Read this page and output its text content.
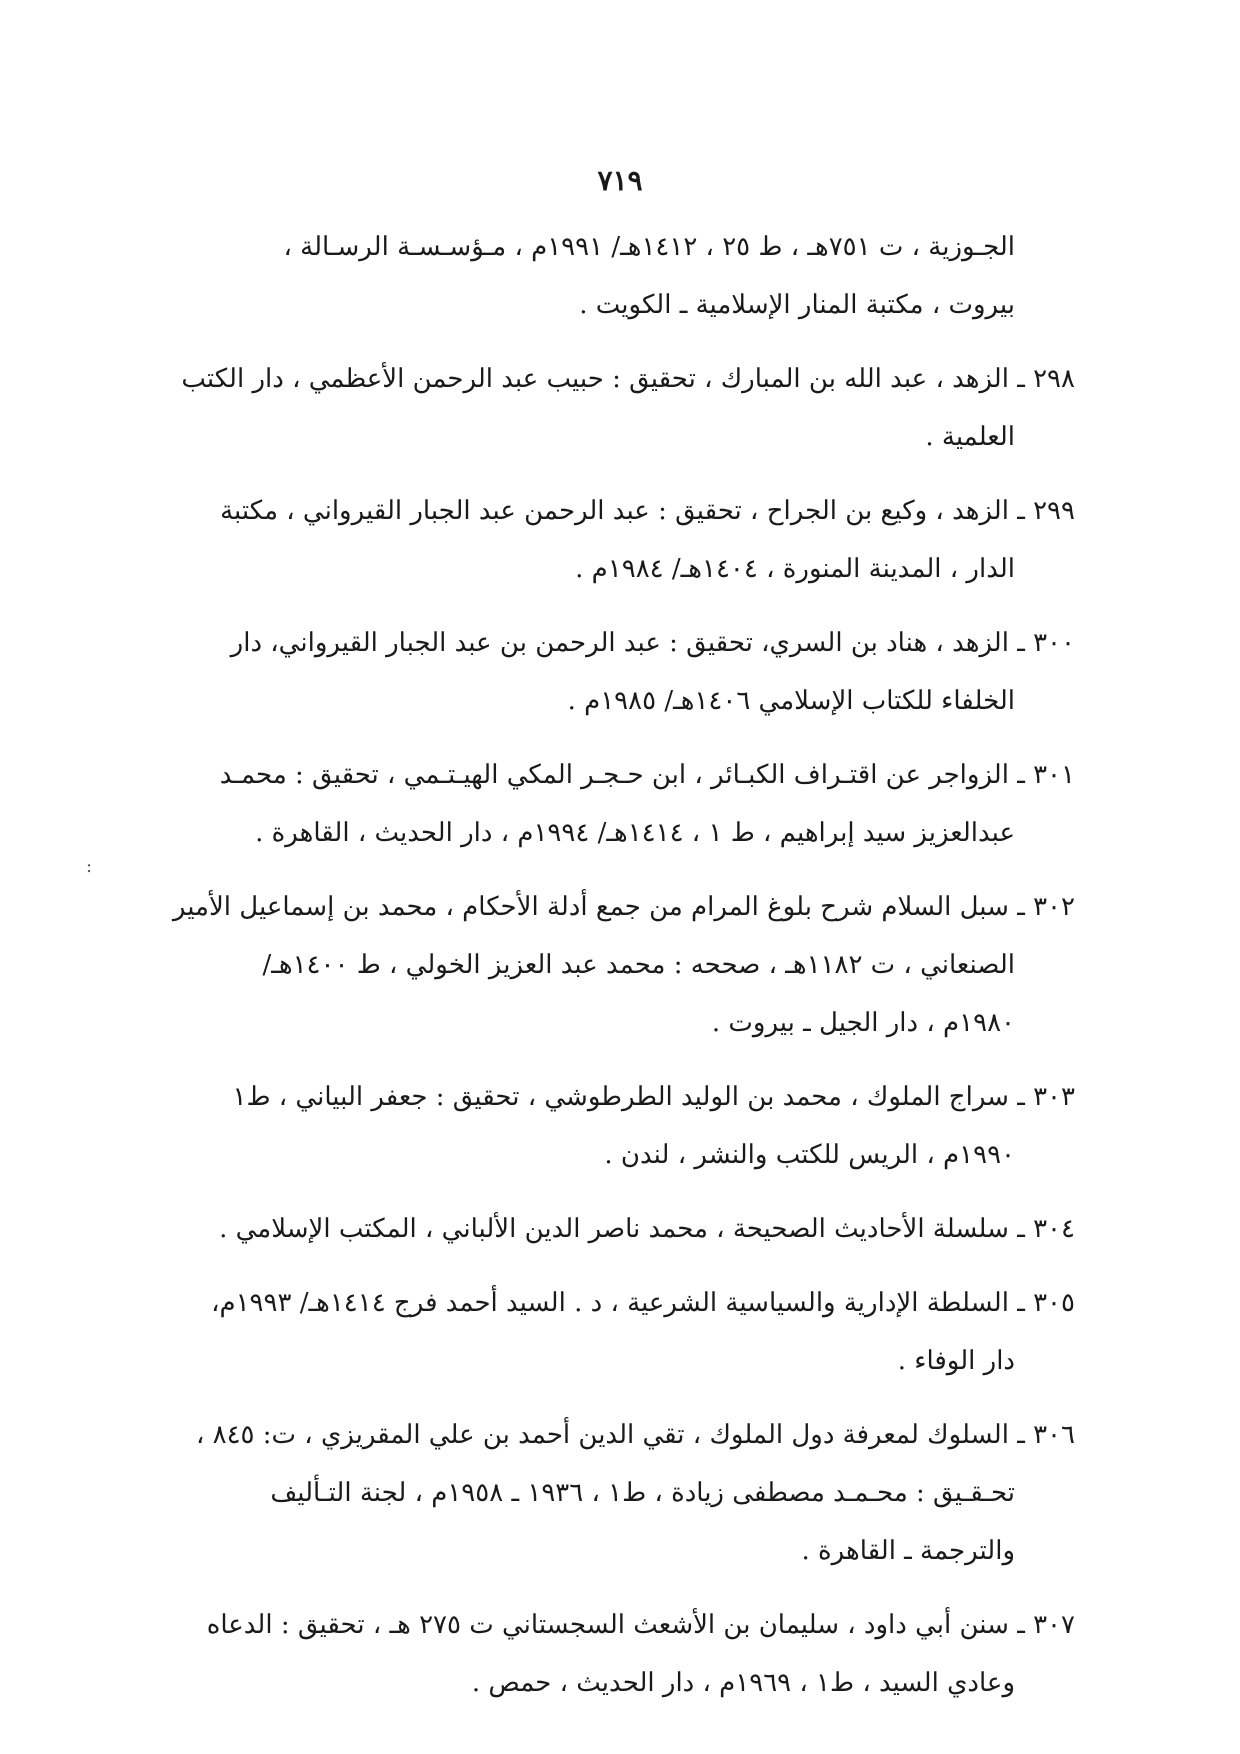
٧١٩
الجـوزية ، ت ٧٥١هـ ، ط ٢٥ ، ١٤١٢هـ/ ١٩٩١م ، مـؤسـسـة الرسـالة ،
بيروت ، مكتبة المنار الإسلامية ـ الكويت .
٢٩٨ ـ الزهد ، عبد الله بن المبارك ، تحقيق : حبيب عبد الرحمن الأعظمي ، دار الكتب
العلمية .
٢٩٩ ـ الزهد ، وكيع بن الجراح ، تحقيق : عبد الرحمن عبد الجبار القيرواني ، مكتبة
الدار ، المدينة المنورة ، ١٤٠٤هـ/ ١٩٨٤م .
٣٠٠ ـ الزهد ، هناد بن السري، تحقيق : عبد الرحمن بن عبد الجبار القيرواني، دار
الخلفاء للكتاب الإسلامي ١٤٠٦هـ/ ١٩٨٥م .
٣٠١ ـ الزواجر عن اقتـراف الكبـائر ، ابن حـجـر المكي الهيـتـمي ، تحقيق : محمـد
عبدالعزيز سيد إبراهيم ، ط ١ ، ١٤١٤هـ/ ١٩٩٤م ، دار الحديث ، القاهرة .
٣٠٢ ـ سبل السلام شرح بلوغ المرام من جمع أدلة الأحكام ، محمد بن إسماعيل الأمير
الصنعاني ، ت ١١٨٢هـ ، صححه : محمد عبد العزيز الخولي ، ط ١٤٠٠هـ/
١٩٨٠م ، دار الجيل ـ بيروت .
٣٠٣ ـ سراج الملوك ، محمد بن الوليد الطرطوشي ، تحقيق : جعفر البياني ، ط١
١٩٩٠م ، الريس للكتب والنشر ، لندن .
٣٠٤ ـ سلسلة الأحاديث الصحيحة ، محمد ناصر الدين الألباني ، المكتب الإسلامي .
٣٠٥ ـ السلطة الإدارية والسياسية الشرعية ، د . السيد أحمد فرج ١٤١٤هـ/ ١٩٩٣م،
دار الوفاء .
٣٠٦ ـ السلوك لمعرفة دول الملوك ، تقي الدين أحمد بن علي المقريزي ، ت: ٨٤٥ ،
تحـقـيق : محـمـد مصطفى زيادة ، ط١ ، ١٩٣٦ ـ ١٩٥٨م ، لجنة التـأليف
والترجمة ـ القاهرة .
٣٠٧ ـ سنن أبي داود ، سليمان بن الأشعث السجستاني ت ٢٧٥ هـ ، تحقيق : الدعاه
وعادي السيد ، ط١ ، ١٩٦٩م ، دار الحديث ، حمص .
:
